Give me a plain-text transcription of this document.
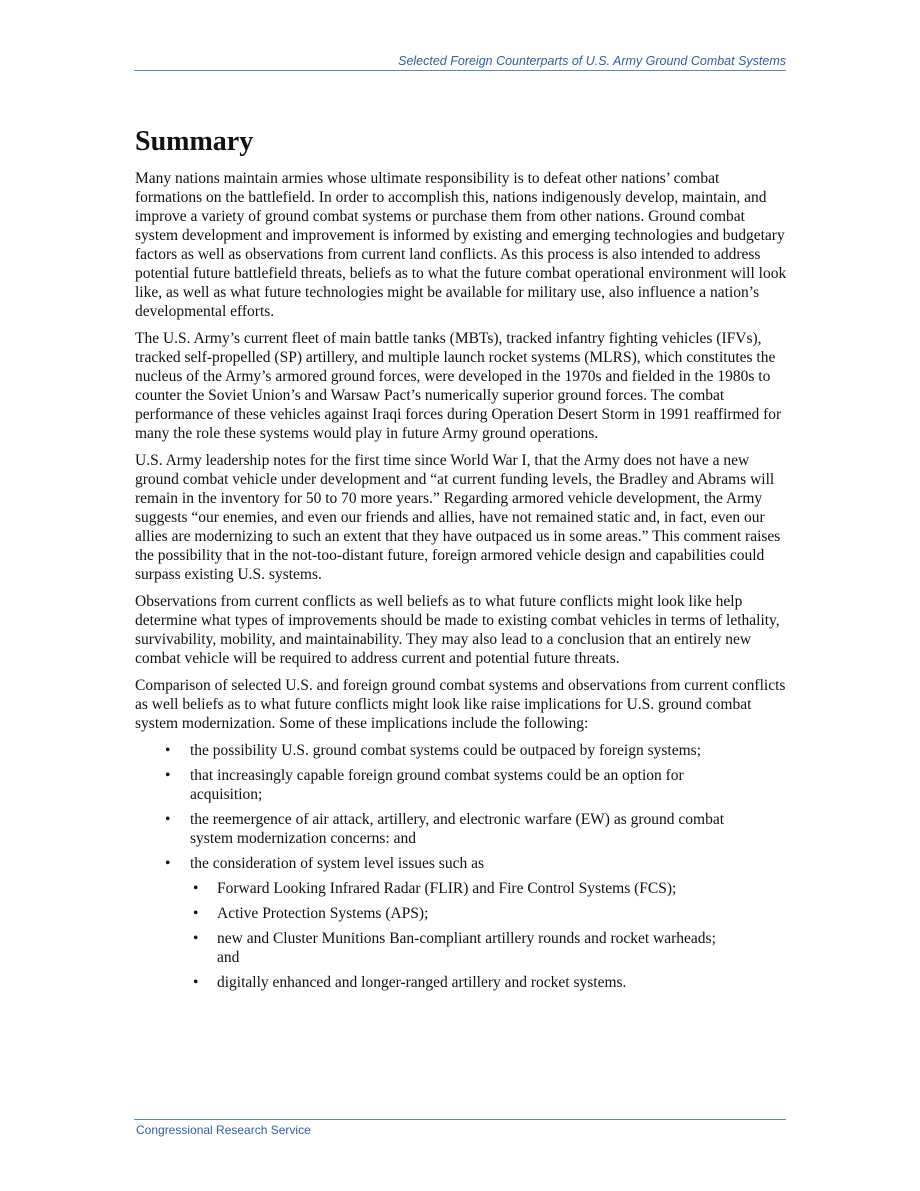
Selected Foreign Counterparts of U.S. Army Ground Combat Systems
Summary

Many nations maintain armies whose ultimate responsibility is to defeat other nations’ combat formations on the battlefield. In order to accomplish this, nations indigenously develop, maintain, and improve a variety of ground combat systems or purchase them from other nations. Ground combat system development and improvement is informed by existing and emerging technologies and budgetary factors as well as observations from current land conflicts. As this process is also intended to address potential future battlefield threats, beliefs as to what the future combat operational environment will look like, as well as what future technologies might be available for military use, also influence a nation’s developmental efforts.

The U.S. Army’s current fleet of main battle tanks (MBTs), tracked infantry fighting vehicles (IFVs), tracked self-propelled (SP) artillery, and multiple launch rocket systems (MLRS), which constitutes the nucleus of the Army’s armored ground forces, were developed in the 1970s and fielded in the 1980s to counter the Soviet Union’s and Warsaw Pact’s numerically superior ground forces. The combat performance of these vehicles against Iraqi forces during Operation Desert Storm in 1991 reaffirmed for many the role these systems would play in future Army ground operations.

U.S. Army leadership notes for the first time since World War I, that the Army does not have a new ground combat vehicle under development and “at current funding levels, the Bradley and Abrams will remain in the inventory for 50 to 70 more years.” Regarding armored vehicle development, the Army suggests “our enemies, and even our friends and allies, have not remained static and, in fact, even our allies are modernizing to such an extent that they have outpaced us in some areas.” This comment raises the possibility that in the not-too-distant future, foreign armored vehicle design and capabilities could surpass existing U.S. systems.

Observations from current conflicts as well beliefs as to what future conflicts might look like help determine what types of improvements should be made to existing combat vehicles in terms of lethality, survivability, mobility, and maintainability. They may also lead to a conclusion that an entirely new combat vehicle will be required to address current and potential future threats.

Comparison of selected U.S. and foreign ground combat systems and observations from current conflicts as well beliefs as to what future conflicts might look like raise implications for U.S. ground combat system modernization. Some of these implications include the following:

• the possibility U.S. ground combat systems could be outpaced by foreign systems;
• that increasingly capable foreign ground combat systems could be an option for acquisition;
• the reemergence of air attack, artillery, and electronic warfare (EW) as ground combat system modernization concerns: and
• the consideration of system level issues such as
• Forward Looking Infrared Radar (FLIR) and Fire Control Systems (FCS);
• Active Protection Systems (APS);
• new and Cluster Munitions Ban-compliant artillery rounds and rocket warheads; and
• digitally enhanced and longer-ranged artillery and rocket systems.
Congressional Research Service
